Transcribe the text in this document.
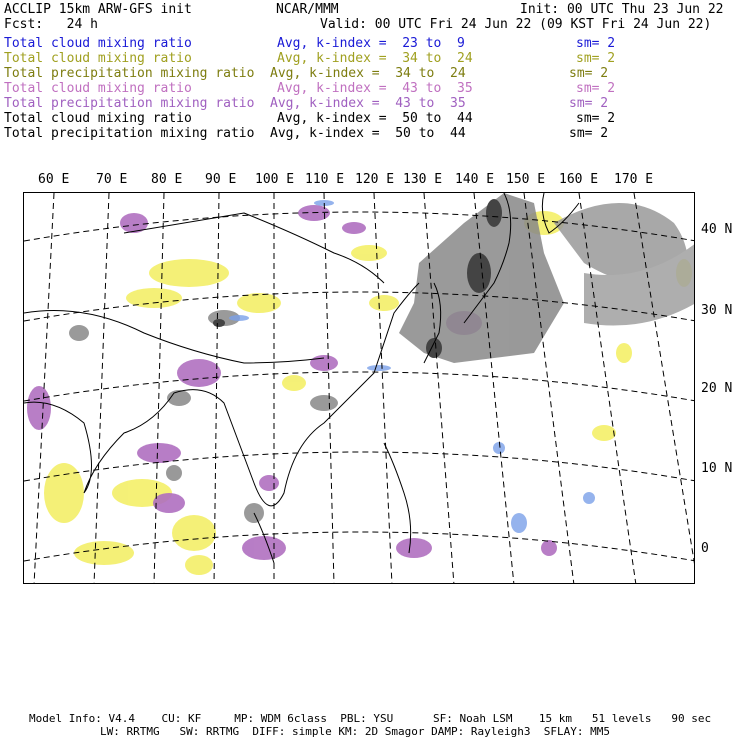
ACCLIP 15km ARW-GFS init	NCAR/MMM	Init: 00 UTC Thu 23 Jun 22
Fcst:   24 h	Valid: 00 UTC Fri 24 Jun 22 (09 KST Fri 24 Jun 22)
Total cloud mixing ratio	Avg, k-index =  23 to  9	sm= 2
Total cloud mixing ratio	Avg, k-index =  34 to  24	sm= 2
Total precipitation mixing ratio Avg, k-index =  34 to  24	sm= 2
Total cloud mixing ratio	Avg, k-index =  43 to  35	sm= 2
Total precipitation mixing ratio Avg, k-index =  43 to  35	sm= 2
Total cloud mixing ratio	Avg, k-index =  50 to  44	sm= 2
Total precipitation mixing ratio Avg, k-index =  50 to  44	sm= 2
60 E 70 E 80 E 90 E 100 E 110 E 120 E 130 E 140 E 150 E 160 E 170 E
40 N
30 N
20 N
10 N
0
Model Info: V4.4    CU: KF     MP: WDM 6class  PBL: YSU      SF: Noah LSM    15 km   51 levels   90 sec
LW: RRTMG   SW: RRTMG  DIFF: simple KM: 2D Smagor DAMP: Rayleigh3  SFLAY: MM5
